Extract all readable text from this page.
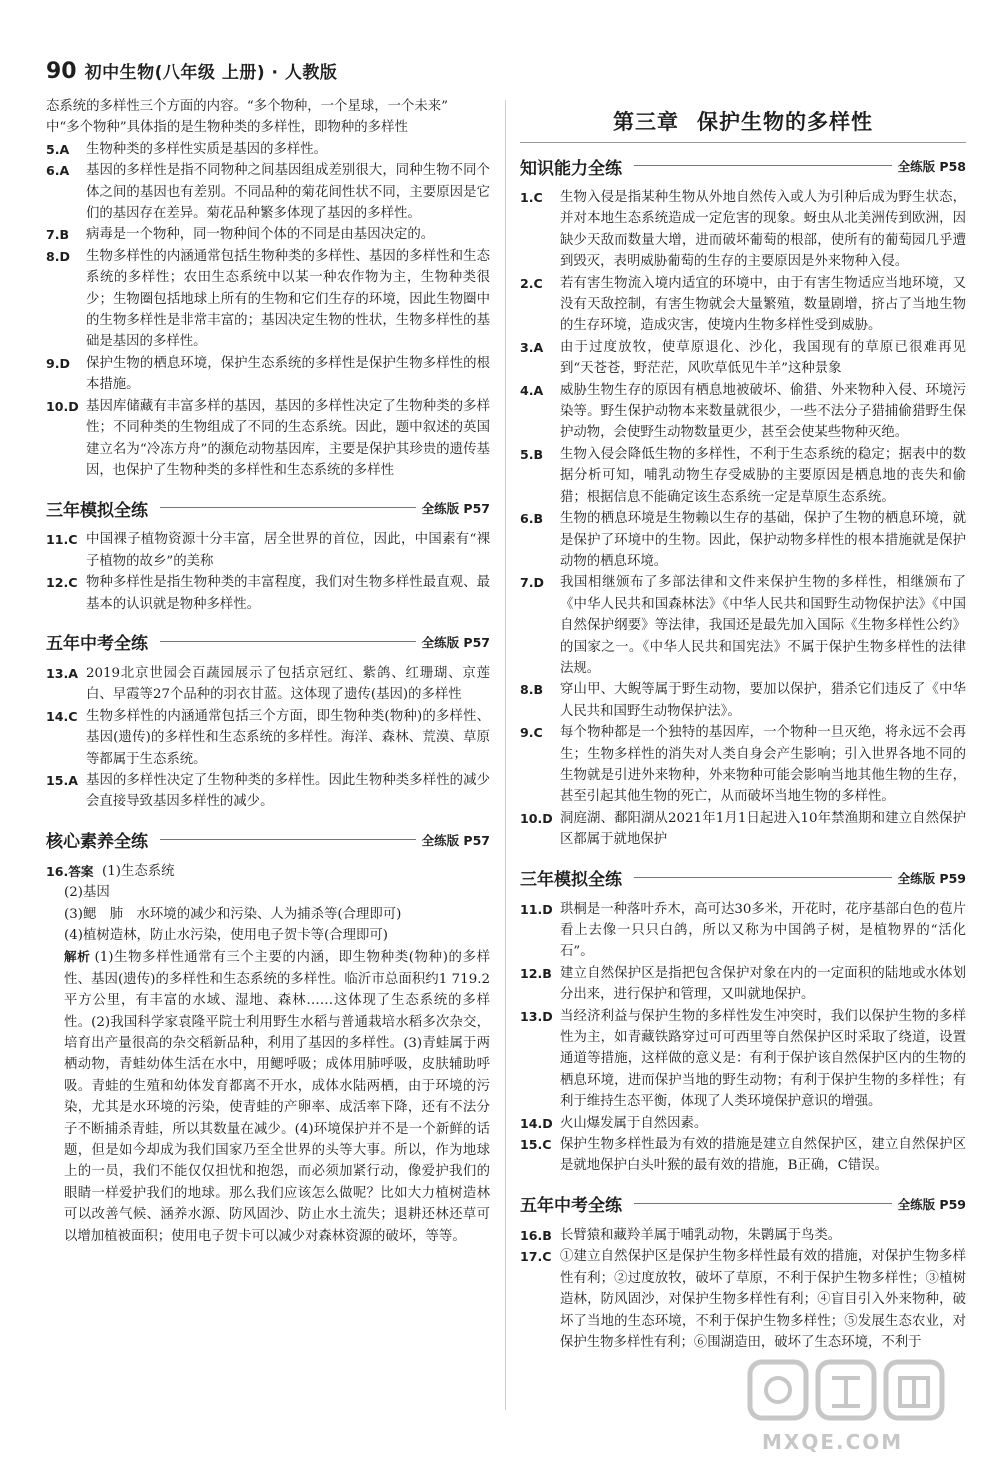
90 初中生物(八年级 上册) · 人教版

态系统的多样性三个方面的内容。“多个物种，一个星球，一个未来”

中“多个物种”具体指的是生物种类的多样性，即物种的多样性

5.A	生物种类的多样性实质是基因的多样性。
6.A	基因的多样性是指不同物种之间基因组成差别很大，同种生物不同个体之间的基因也有差别。不同品种的菊花间性状不同，主要原因是它们的基因存在差异。菊花品种繁多体现了基因的多样性。
7.B	病毒是一个物种，同一物种间个体的不同是由基因决定的。
8.D	生物多样性的内涵通常包括生物种类的多样性、基因的多样性和生态系统的多样性；农田生态系统中以某一种农作物为主，生物种类很少；生物圈包括地球上所有的生物和它们生存的环境，因此生物圈中的生物多样性是非常丰富的；基因决定生物的性状，生物多样性的基础是基因的多样性。
9.D	保护生物的栖息环境，保护生态系统的多样性是保护生物多样性的根本措施。
10.D 基因库储藏有丰富多样的基因，基因的多样性决定了生物种类的多样性；不同种类的生物组成了不同的生态系统。因此，题中叙述的英国建立名为“冷冻方舟”的濒危动物基因库，主要是保护其珍贵的遗传基因，也保护了生物种类的多样性和生态系统的多样性
三年模拟全练	全练版 P57
11.C 中国裸子植物资源十分丰富，居全世界的首位，因此，中国素有“裸子植物的故乡”的美称
12.C 物种多样性是指生物种类的丰富程度，我们对生物多样性最直观、最基本的认识就是物种多样性。
五年中考全练	全练版 P57
13.A 2019北京世园会百蔬园展示了包括京冠红、紫鸽、红珊瑚、京莲白、早霞等27个品种的羽衣甘蓝。这体现了遗传(基因)的多样性
14.C 生物多样性的内涵通常包括三个方面，即生物种类(物种)的多样性、基因(遗传)的多样性和生态系统的多样性。海洋、森林、荒漠、草原等都属于生态系统。
15.A 基因的多样性决定了生物种类的多样性。因此生物种类多样性的减少会直接导致基因多样性的减少。
核心素养全练	全练版 P57
16.答案 (1)生态系统

(2)基因

(3)鳃　肺　水环境的减少和污染、人为捕杀等(合理即可)

(4)植树造林，防止水污染，使用电子贺卡等(合理即可)

解析 (1)生物多样性通常有三个主要的内涵，即生物种类(物种)的多样性、基因(遗传)的多样性和生态系统的多样性。临沂市总面积约1 719.2平方公里，有丰富的水域、湿地、森林……这体现了生态系统的多样性。(2)我国科学家袁隆平院士利用野生水稻与普通栽培水稻多次杂交，培育出产量很高的杂交稻新品种，利用了基因的多样性。(3)青蛙属于两栖动物，青蛙幼体生活在水中，用鳃呼吸；成体用肺呼吸，皮肤辅助呼吸。青蛙的生殖和幼体发育都离不开水，成体水陆两栖，由于环境的污染，尤其是水环境的污染，使青蛙的产卵率、成活率下降，还有不法分子不断捕杀青蛙，所以其数量在减少。(4)环境保护并不是一个新鲜的话题，但是如今却成为我们国家乃至全世界的头等大事。所以，作为地球上的一员，我们不能仅仅担忧和抱怨，而必须加紧行动，像爱护我们的眼睛一样爱护我们的地球。那么我们应该怎么做呢？比如大力植树造林可以改善气候、涵养水源、防风固沙、防止水土流失；退耕还林还草可以增加植被面积；使用电子贺卡可以减少对森林资源的破坏，等等。

第三章 保护生物的多样性
知识能力全练	全练版 P58
1.C	生物入侵是指某种生物从外地自然传入或人为引种后成为野生状态，并对本地生态系统造成一定危害的现象。蚜虫从北美洲传到欧洲，因缺少天敌而数量大增，进而破坏葡萄的根部，使所有的葡萄园几乎遭到毁灭，表明威胁葡萄的生存的主要原因是外来物种入侵。
2.C	若有害生物流入境内适宜的环境中，由于有害生物适应当地环境，又没有天敌控制，有害生物就会大量繁殖，数量剧增，挤占了当地生物的生存环境，造成灾害，使境内生物多样性受到威胁。
3.A	由于过度放牧，使草原退化、沙化，我国现有的草原已很难再见到“天苍苍，野茫茫，风吹草低见牛羊”这种景象
4.A	威胁生物生存的原因有栖息地被破坏、偷猎、外来物种入侵、环境污染等。野生保护动物本来数量就很少，一些不法分子猎捕偷猎野生保护动物，会使野生动物数量更少，甚至会使某些物种灭绝。
5.B	生物入侵会降低生物的多样性，不利于生态系统的稳定；据表中的数据分析可知，哺乳动物生存受威胁的主要原因是栖息地的丧失和偷猎；根据信息不能确定该生态系统一定是草原生态系统。
6.B	生物的栖息环境是生物赖以生存的基础，保护了生物的栖息环境，就是保护了环境中的生物。因此，保护动物多样性的根本措施就是保护动物的栖息环境。
7.D	我国相继颁布了多部法律和文件来保护生物的多样性，相继颁布了《中华人民共和国森林法》《中华人民共和国野生动物保护法》《中国自然保护纲要》等法律，我国还是最先加入国际《生物多样性公约》的国家之一。《中华人民共和国宪法》不属于保护生物多样性的法律法规。
8.B	穿山甲、大鲵等属于野生动物，要加以保护，猎杀它们违反了《中华人民共和国野生动物保护法》。
9.C	每个物种都是一个独特的基因库，一个物种一旦灭绝，将永远不会再生；生物多样性的消失对人类自身会产生影响；引入世界各地不同的生物就是引进外来物种，外来物种可能会影响当地其他生物的生存，甚至引起其他生物的死亡，从而破坏当地生物的多样性。
10.D 洞庭湖、鄱阳湖从2021年1月1日起进入10年禁渔期和建立自然保护区都属于就地保护
三年模拟全练	全练版 P59
11.D 珙桐是一种落叶乔木，高可达30多米，开花时，花序基部白色的苞片看上去像一只只白鸽，所以又称为中国鸽子树，是植物界的“活化石”。
12.B 建立自然保护区是指把包含保护对象在内的一定面积的陆地或水体划分出来，进行保护和管理，又叫就地保护。
13.D 当经济利益与保护生物的多样性发生冲突时，我们以保护生物的多样性为主，如青藏铁路穿过可可西里等自然保护区时采取了绕道，设置通道等措施，这样做的意义是：有利于保护该自然保护区内的生物的栖息环境，进而保护当地的野生动物；有利于保护生物的多样性；有利于维持生态平衡，体现了人类环境保护意识的增强。
14.D 火山爆发属于自然因素。
15.C 保护生物多样性最为有效的措施是建立自然保护区，建立自然保护区是就地保护白头叶猴的最有效的措施，B正确，C错误。
五年中考全练	全练版 P59
16.B 长臂猿和藏羚羊属于哺乳动物，朱鹮属于鸟类。
17.C ①建立自然保护区是保护生物多样性最有效的措施，对保护生物多样性有利；②过度放牧，破坏了草原，不利于保护生物多样性；③植树造林，防风固沙，对保护生物多样性有利；④盲目引入外来物种，破坏了当地的生态环境，不利于保护生物多样性；⑤发展生态农业，对保护生物多样性有利；⑥围湖造田，破坏了生态环境，不利于
MXQE.COM
